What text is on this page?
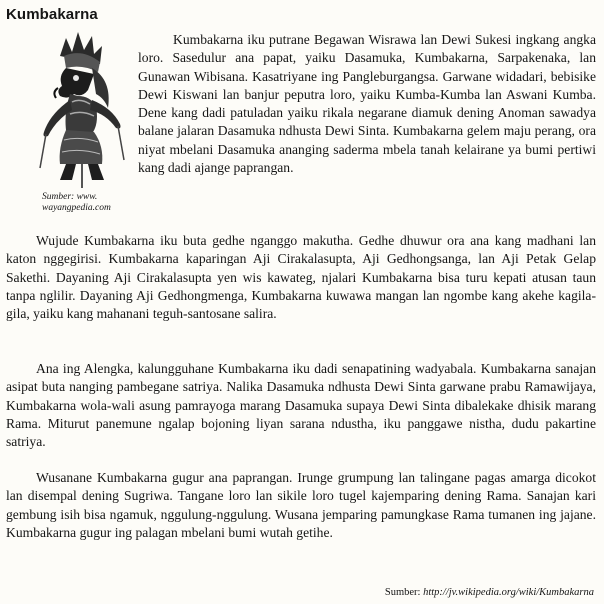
Kumbakarna
Sumber: www. wayangpedia.com

Kumbakarna iku putrane Begawan Wisrawa lan Dewi Sukesi ingkang angka loro. Sasedulur ana papat, yaiku Dasamuka, Kumbakarna, Sarpakenaka, lan Gunawan Wibisana. Kasatriyane ing Pangleburgangsa. Garwane widadari, bebisike Dewi Kiswani lan banjur peputra loro, yaiku Kumba-Kumba lan Aswani Kumba. Dene kang dadi patuladan yaiku rikala negarane diamuk dening Anoman sawadya balane jalaran Dasamuka ndhusta Dewi Sinta. Kumbakarna gelem maju perang, ora niyat mbelani Dasamuka ananging saderma mbela tanah kelairane ya bumi pertiwi kang dadi ajange paprangan.

Wujude Kumbakarna iku buta gedhe nganggo makutha. Gedhe dhuwur ora ana kang madhani lan katon nggegirisi. Kumbakarna kaparingan Aji Cirakalasupta, Aji Gedhongsanga, lan Aji Petak Gelap Sakethi. Dayaning Aji Cirakalasupta yen wis kawateg, njalari Kumbakarna bisa turu kepati atusan taun tanpa nglilir. Dayaning Aji Gedhongmenga, Kumbakarna kuwawa mangan lan ngombe kang akehe kagila-gila, yaiku kang mahanani teguh-santosane salira.

Ana ing Alengka, kalungguhane Kumbakarna iku dadi senapatining wadyabala. Kumbakarna sanajan asipat buta nanging pambegane satriya. Nalika Dasamuka ndhusta Dewi Sinta garwane prabu Ramawijaya, Kumbakarna wola-wali asung pamrayoga marang Dasamuka supaya Dewi Sinta dibalekake dhisik marang Rama. Miturut panemune ngalap bojoning liyan sarana ndustha, iku panggawe nistha, dudu pakartine satriya.

Wusanane Kumbakarna gugur ana paprangan. Irunge grumpung lan talingane pagas amarga dicokot lan disempal dening Sugriwa. Tangane loro lan sikile loro tugel kajemparing dening Rama. Sanajan kari gembung isih bisa ngamuk, nggulung-nggulung. Wusana jemparing pamungkase Rama tumanen ing jajane. Kumbakarna gugur ing palagan mbelani bumi wutah getihe.

Sumber: http://jv.wikipedia.org/wiki/Kumbakarna
